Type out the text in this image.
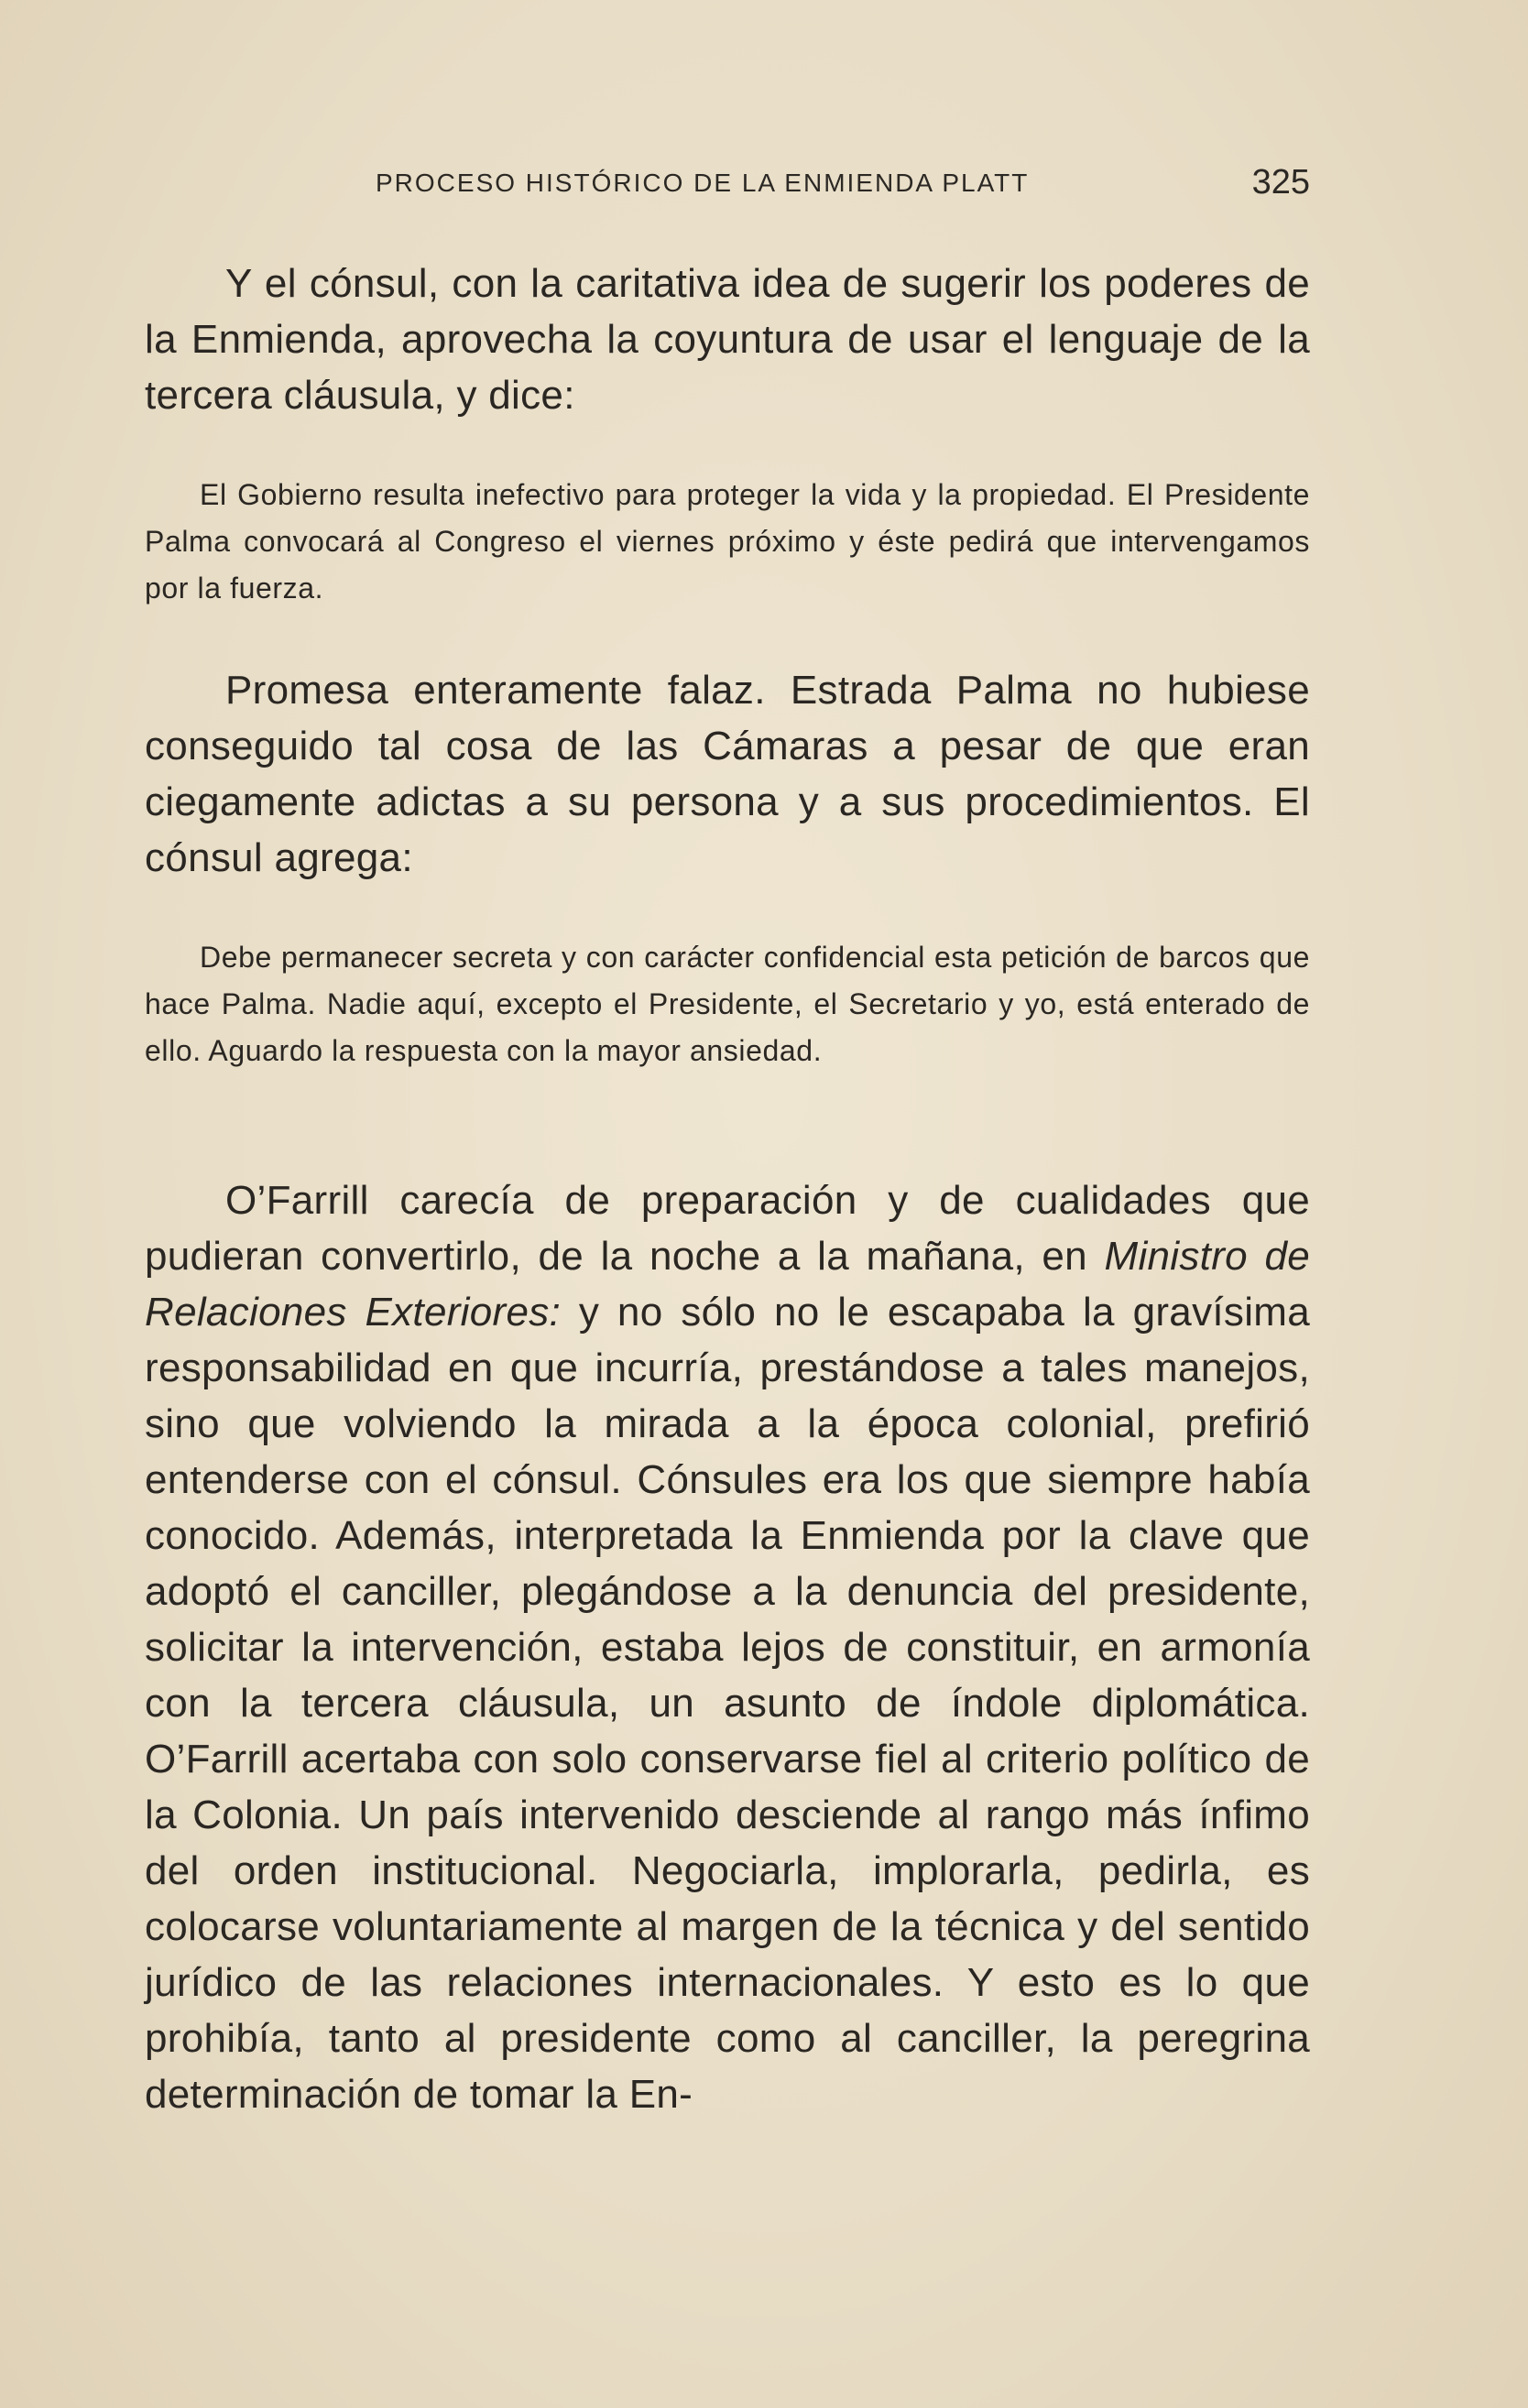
PROCESO HISTÓRICO DE LA ENMIENDA PLATT	325

Y el cónsul, con la caritativa idea de sugerir los poderes de la Enmienda, aprovecha la coyuntura de usar el lenguaje de la tercera cláusula, y dice:

El Gobierno resulta inefectivo para proteger la vida y la propiedad. El Presidente Palma convocará al Congreso el viernes próximo y éste pedirá que intervengamos por la fuerza.

Promesa enteramente falaz. Estrada Palma no hubiese conseguido tal cosa de las Cámaras a pesar de que eran ciegamente adictas a su persona y a sus procedimientos. El cónsul agrega:

Debe permanecer secreta y con carácter confidencial esta petición de barcos que hace Palma. Nadie aquí, excepto el Presidente, el Secretario y yo, está enterado de ello. Aguardo la respuesta con la mayor ansiedad.

O’Farrill carecía de preparación y de cualidades que pudieran convertirlo, de la noche a la mañana, en Ministro de Relaciones Exteriores: y no sólo no le escapaba la gravísima responsabilidad en que incurría, prestándose a tales manejos, sino que volviendo la mirada a la época colonial, prefirió entenderse con el cónsul. Cónsules era los que siempre había conocido. Además, interpretada la Enmienda por la clave que adoptó el canciller, plegándose a la denuncia del presidente, solicitar la intervención, estaba lejos de constituir, en armonía con la tercera cláusula, un asunto de índole diplomática. O’Farrill acertaba con solo conservarse fiel al criterio político de la Colonia. Un país intervenido desciende al rango más ínfimo del orden institucional. Negociarla, implorarla, pedirla, es colocarse voluntariamente al margen de la técnica y del sentido jurídico de las relaciones internacionales. Y esto es lo que prohibía, tanto al presidente como al canciller, la peregrina determinación de tomar la En-
